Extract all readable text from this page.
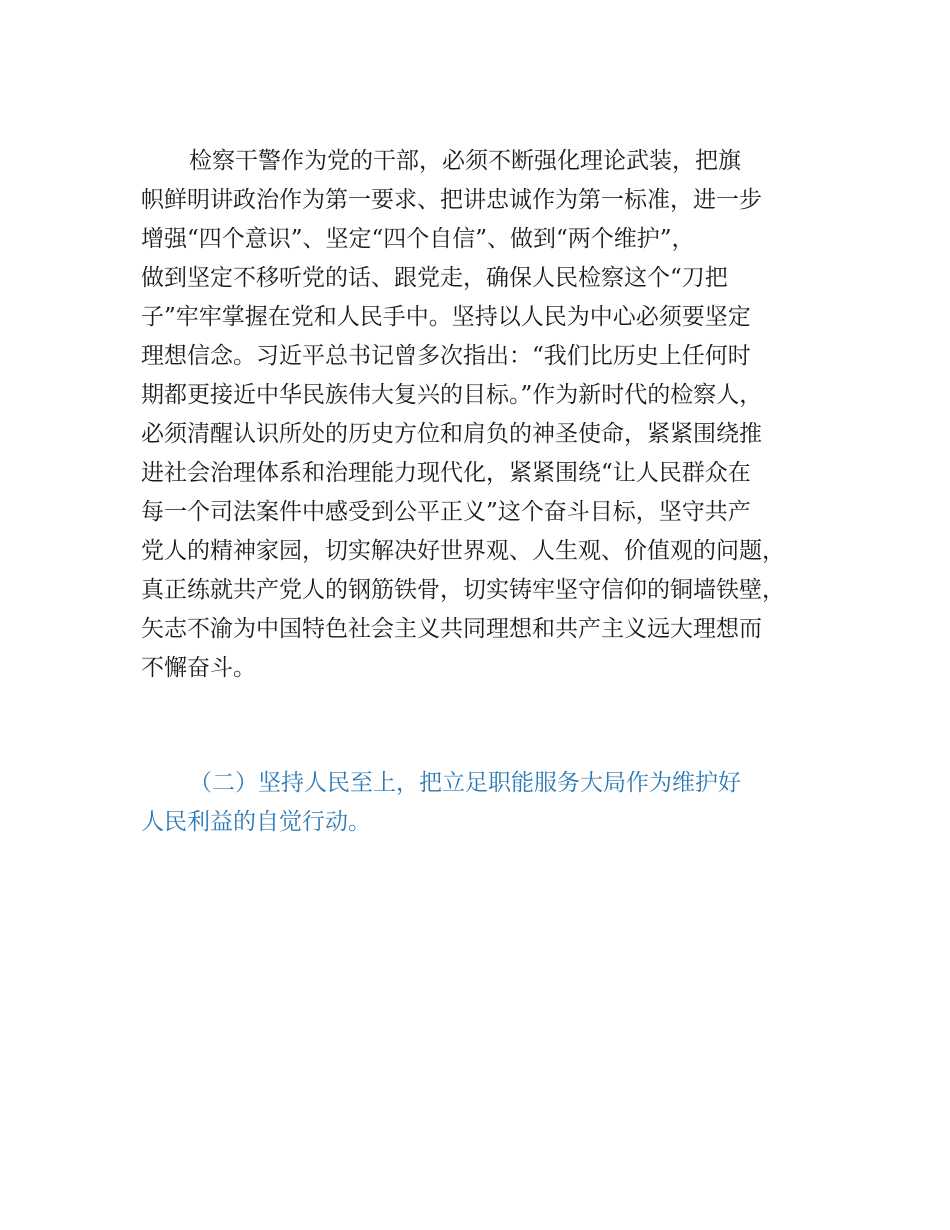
检察干警作为党的干部，必须不断强化理论武装，把旗
帜鲜明讲政治作为第一要求、把讲忠诚作为第一标准，进一步
增强“四个意识”、坚定“四个自信”、做到“两个维护”，
做到坚定不移听党的话、跟党走，确保人民检察这个“刀把
子”牢牢掌握在党和人民手中。坚持以人民为中心必须要坚定
理想信念。习近平总书记曾多次指出：“我们比历史上任何时
期都更接近中华民族伟大复兴的目标。”作为新时代的检察人，
必须清醒认识所处的历史方位和肩负的神圣使命，紧紧围绕推
进社会治理体系和治理能力现代化，紧紧围绕“让人民群众在
每一个司法案件中感受到公平正义”这个奋斗目标，坚守共产
党人的精神家园，切实解决好世界观、人生观、价值观的问题，
真正练就共产党人的钢筋铁骨，切实铸牢坚守信仰的铜墙铁壁，
矢志不渝为中国特色社会主义共同理想和共产主义远大理想而
不懈奋斗。

（二）坚持人民至上，把立足职能服务大局作为维护好
人民利益的自觉行动。
